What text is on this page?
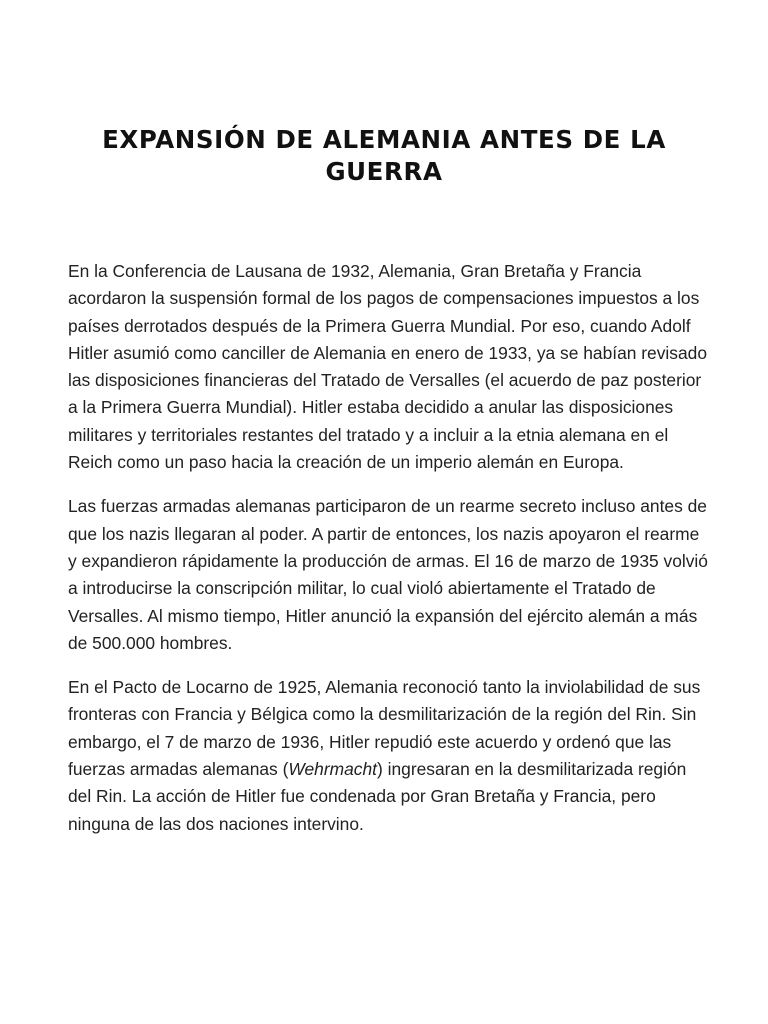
EXPANSIÓN DE ALEMANIA ANTES DE LA GUERRA

En la Conferencia de Lausana de 1932, Alemania, Gran Bretaña y Francia acordaron la suspensión formal de los pagos de compensaciones impuestos a los países derrotados después de la Primera Guerra Mundial. Por eso, cuando Adolf Hitler asumió como canciller de Alemania en enero de 1933, ya se habían revisado las disposiciones financieras del Tratado de Versalles (el acuerdo de paz posterior a la Primera Guerra Mundial). Hitler estaba decidido a anular las disposiciones militares y territoriales restantes del tratado y a incluir a la etnia alemana en el Reich como un paso hacia la creación de un imperio alemán en Europa.

Las fuerzas armadas alemanas participaron de un rearme secreto incluso antes de que los nazis llegaran al poder. A partir de entonces, los nazis apoyaron el rearme y expandieron rápidamente la producción de armas. El 16 de marzo de 1935 volvió a introducirse la conscripción militar, lo cual violó abiertamente el Tratado de Versalles. Al mismo tiempo, Hitler anunció la expansión del ejército alemán a más de 500.000 hombres.

En el Pacto de Locarno de 1925, Alemania reconoció tanto la inviolabilidad de sus fronteras con Francia y Bélgica como la desmilitarización de la región del Rin. Sin embargo, el 7 de marzo de 1936, Hitler repudió este acuerdo y ordenó que las fuerzas armadas alemanas (Wehrmacht) ingresaran en la desmilitarizada región del Rin. La acción de Hitler fue condenada por Gran Bretaña y Francia, pero ninguna de las dos naciones intervino.
